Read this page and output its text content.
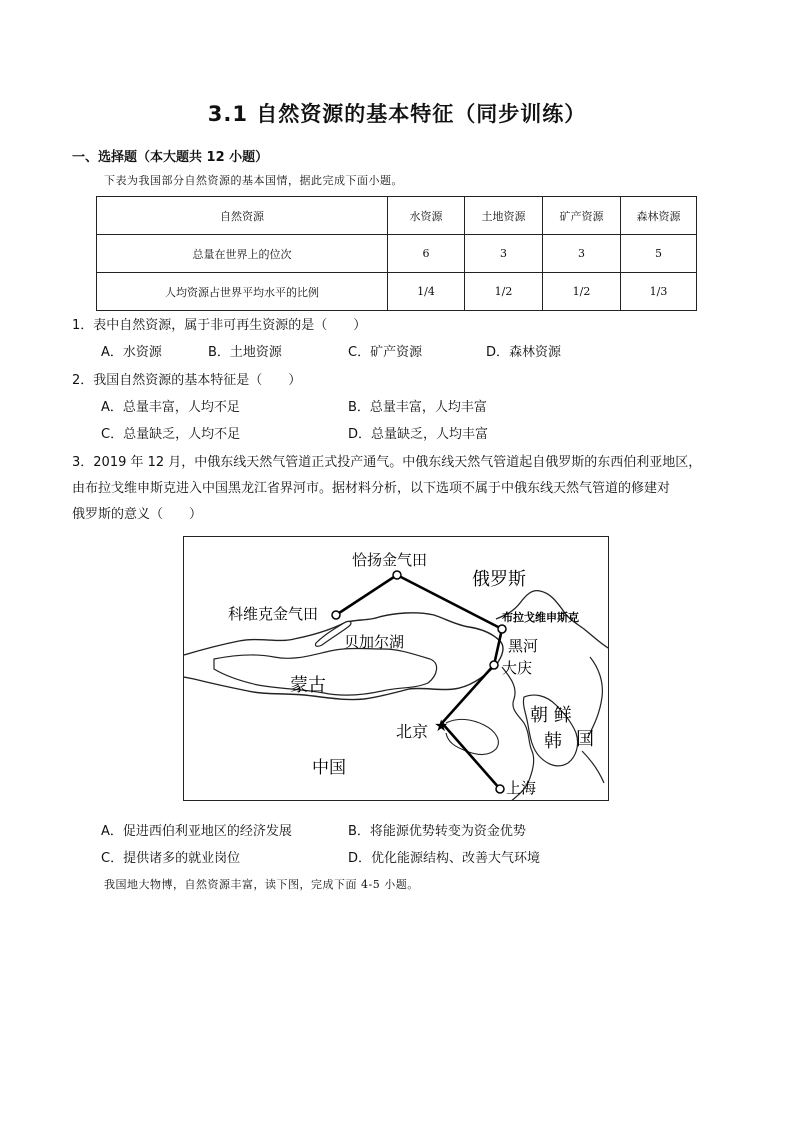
3.1 自然资源的基本特征（同步训练）
一、选择题（本大题共 12 小题）
下表为我国部分自然资源的基本国情，据此完成下面小题。
自然资源	水资源	土地资源	矿产资源	森林资源
总量在世界上的位次	6	3	3	5
人均资源占世界平均水平的比例	1/4	1/2	1/2	1/3
1．表中自然资源，属于非可再生资源的是（　　）
A．水资源	B．土地资源	C．矿产资源	D．森林资源
2．我国自然资源的基本特征是（　　）
A．总量丰富，人均不足	B．总量丰富，人均丰富
C．总量缺乏，人均不足	D．总量缺乏，人均丰富
3．2019 年 12 月，中俄东线天然气管道正式投产通气。中俄东线天然气管道起自俄罗斯的东西伯利亚地区，
由布拉戈维申斯克进入中国黑龙江省界河市。据材料分析，以下选项不属于中俄东线天然气管道的修建对
俄罗斯的意义（　　）
★
恰扬金气田
科维克金气田
俄罗斯
布拉戈维申斯克
贝加尔湖	黑河
大庆
蒙古
朝 鲜
韩 国
北京
中国
上海
A．促进西伯利亚地区的经济发展	B．将能源优势转变为资金优势
C．提供诸多的就业岗位	D．优化能源结构、改善大气环境
我国地大物博，自然资源丰富，读下图，完成下面 4-5 小题。
